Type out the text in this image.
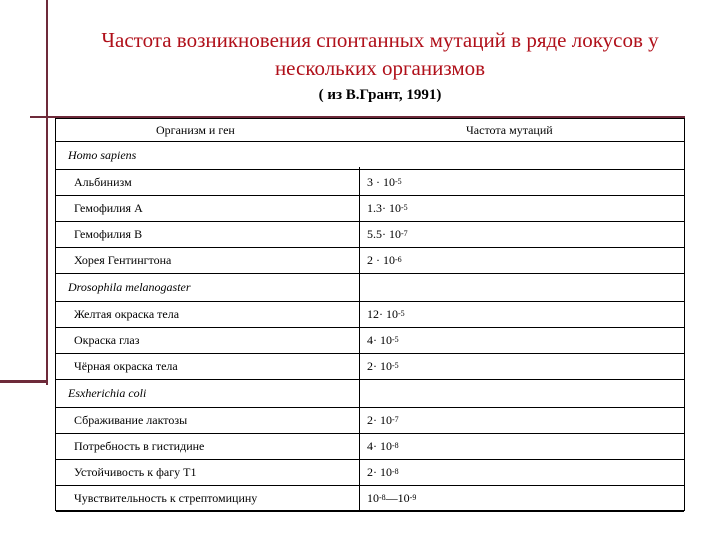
Частота возникновения спонтанных мутаций в ряде локусов у нескольких организмов
( из В.Грант, 1991)
Организм и ген	Частота мутаций
Homo sapiens
Альбинизм	3 · 10 -5
Гемофилия А	1.3· 10 -5
Гемофилия В	5.5· 10 -7
Хорея Гентингтона	2 · 10 -6
Drosophila melanogaster
Желтая окраска тела	12· 10 -5
Окраска глаз	4· 10 -5
Чёрная окраска тела	2· 10 -5
Esxherichia coli
Сбраживание лактозы	2· 10 -7
Потребность в гистидине	4· 10 -8
Устойчивость к фагу Т1	2· 10 -8
Чувствительность к стрептомицину	10 -8 —10 -9
